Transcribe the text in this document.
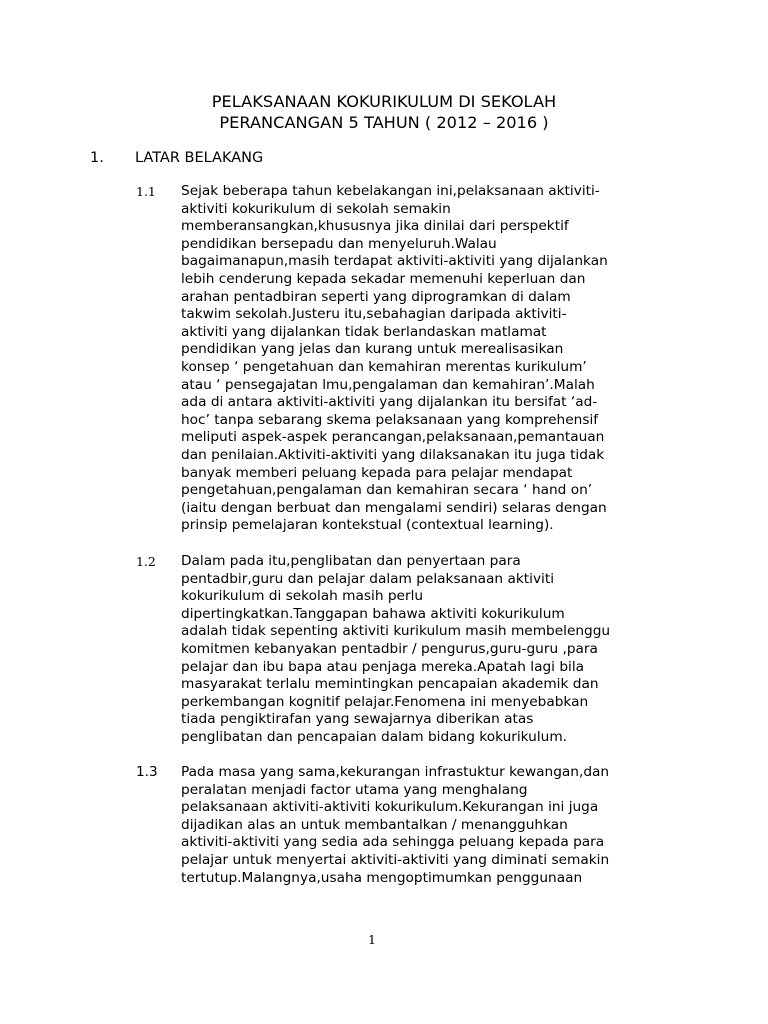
PELAKSANAAN KOKURIKULUM DI SEKOLAH
PERANCANGAN 5 TAHUN ( 2012 – 2016 )
1. LATAR BELAKANG
1.1 Sejak beberapa tahun kebelakangan ini,pelaksanaan aktiviti-
aktiviti kokurikulum di sekolah semakin
memberansangkan,khususnya jika dinilai dari perspektif
pendidikan bersepadu dan menyeluruh.Walau
bagaimanapun,masih terdapat aktiviti-aktiviti yang dijalankan
lebih cenderung kepada sekadar memenuhi keperluan dan
arahan pentadbiran seperti yang diprogramkan di dalam
takwim sekolah.Justeru itu,sebahagian daripada aktiviti-
aktiviti yang dijalankan tidak berlandaskan matlamat
pendidikan yang jelas dan kurang untuk merealisasikan
konsep ‘ pengetahuan dan kemahiran merentas kurikulum’
atau ‘ pensegajatan lmu,pengalaman dan kemahiran’.Malah
ada di antara aktiviti-aktiviti yang dijalankan itu bersifat ‘ad-
hoc’ tanpa sebarang skema pelaksanaan yang komprehensif
meliputi aspek-aspek perancangan,pelaksanaan,pemantauan
dan penilaian.Aktiviti-aktiviti yang dilaksanakan itu juga tidak
banyak memberi peluang kepada para pelajar mendapat
pengetahuan,pengalaman dan kemahiran secara ‘ hand on’
(iaitu dengan berbuat dan mengalami sendiri) selaras dengan
prinsip pemelajaran kontekstual (contextual learning).
1.2 Dalam pada itu,penglibatan dan penyertaan para
pentadbir,guru dan pelajar dalam pelaksanaan aktiviti
kokurikulum di sekolah masih perlu
dipertingkatkan.Tanggapan bahawa aktiviti kokurikulum
adalah tidak sepenting aktiviti kurikulum masih membelenggu
komitmen kebanyakan pentadbir / pengurus,guru-guru ,para
pelajar dan ibu bapa atau penjaga mereka.Apatah lagi bila
masyarakat terlalu memintingkan pencapaian akademik dan
perkembangan kognitif pelajar.Fenomena ini menyebabkan
tiada pengiktirafan yang sewajarnya diberikan atas
penglibatan dan pencapaian dalam bidang kokurikulum.
1.3 Pada masa yang sama,kekurangan infrastuktur kewangan,dan
peralatan menjadi factor utama yang menghalang
pelaksanaan aktiviti-aktiviti kokurikulum.Kekurangan ini juga
dijadikan alas an untuk membantalkan / menangguhkan
aktiviti-aktiviti yang sedia ada sehingga peluang kepada para
pelajar untuk menyertai aktiviti-aktiviti yang diminati semakin
tertutup.Malangnya,usaha mengoptimumkan penggunaan
1
